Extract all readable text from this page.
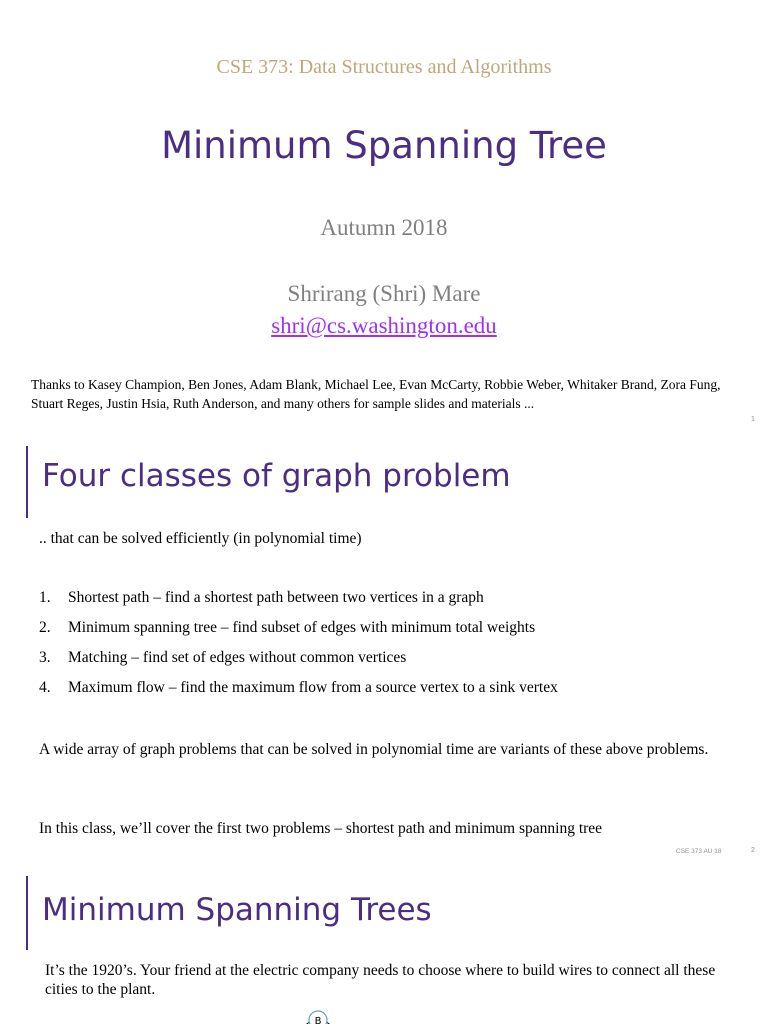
CSE 373: Data Structures and Algorithms
Minimum Spanning Tree
Autumn 2018
Shrirang (Shri) Mare
shri@cs.washington.edu
Thanks to Kasey Champion, Ben Jones, Adam Blank, Michael Lee, Evan McCarty, Robbie Weber, Whitaker Brand, Zora Fung, Stuart Reges, Justin Hsia, Ruth Anderson, and many others for sample slides and materials ...
1
Four classes of graph problem
.. that can be solved efficiently (in polynomial time)
1. Shortest path – find a shortest path between two vertices in a graph
2. Minimum spanning tree – find subset of edges with minimum total weights
3. Matching – find set of edges without common vertices
4. Maximum flow – find the maximum flow from a source vertex to a sink vertex
A wide array of graph problems that can be solved in polynomial time are variants of these above problems.
In this class, we’ll cover the first two problems – shortest path and minimum spanning tree
CSE 373 AU 18	2
Minimum Spanning Trees
It’s the 1920’s. Your friend at the electric company needs to choose where to build wires to connect all these cities to the plant.
B
